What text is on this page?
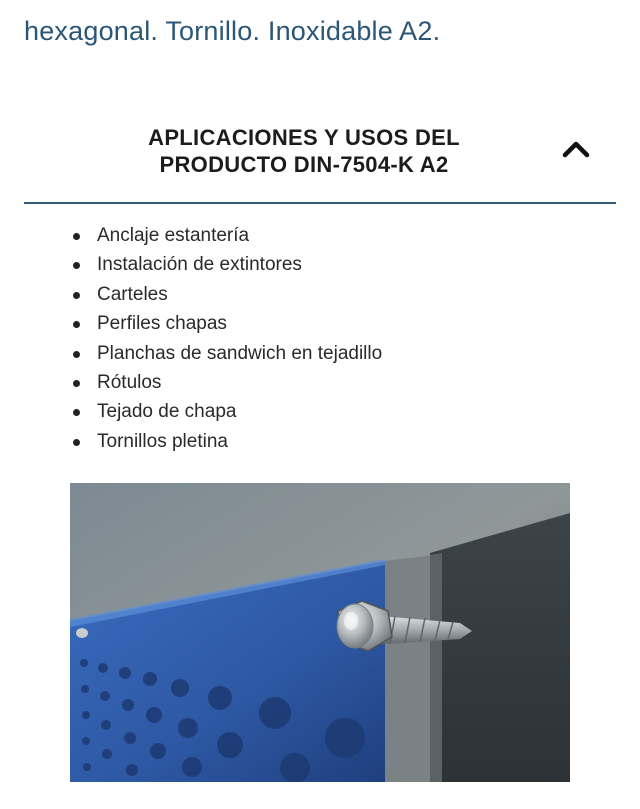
hexagonal. Tornillo. Inoxidable A2.
APLICACIONES Y USOS DEL PRODUCTO DIN-7504-K A2
Anclaje estantería
Instalación de extintores
Carteles
Perfiles chapas
Planchas de sandwich en tejadillo
Rótulos
Tejado de chapa
Tornillos pletina
